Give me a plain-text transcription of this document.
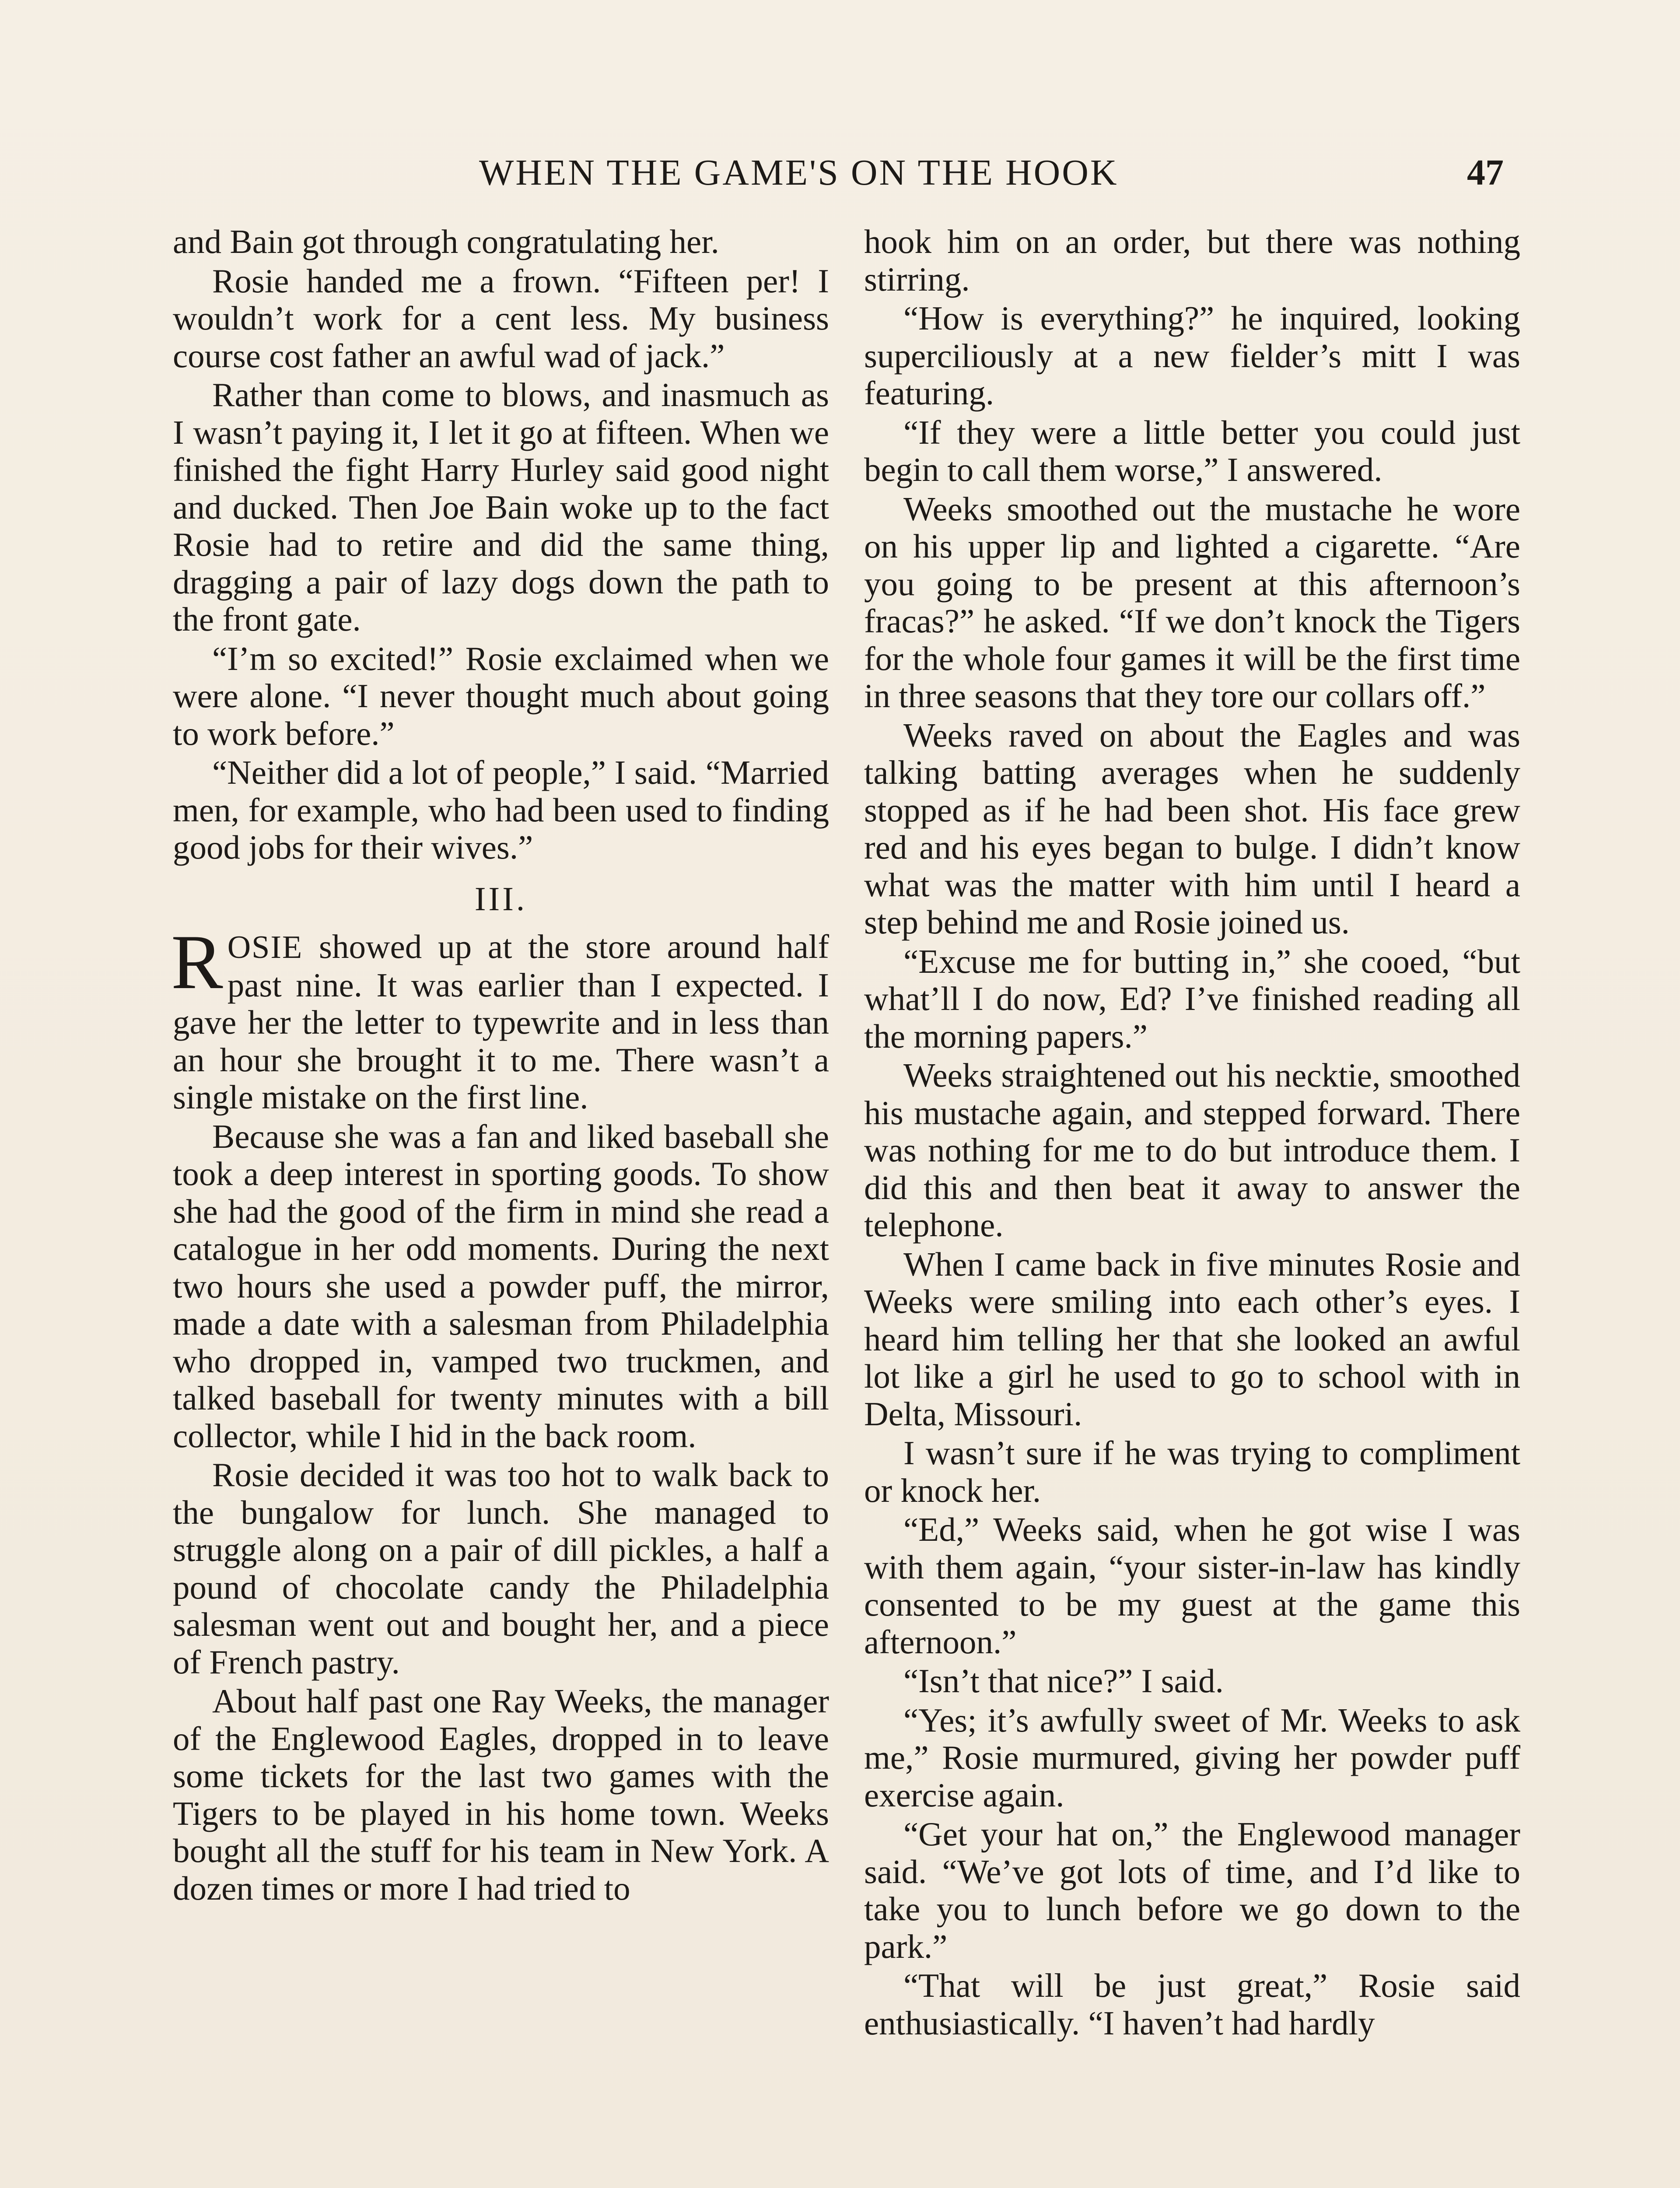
WHEN THE GAME'S ON THE HOOK	47

and Bain got through congratulating her.

Rosie handed me a frown. “Fifteen per! I wouldn’t work for a cent less. My business course cost father an awful wad of jack.”

Rather than come to blows, and inasmuch as I wasn’t paying it, I let it go at fifteen. When we finished the fight Harry Hurley said good night and ducked. Then Joe Bain woke up to the fact Rosie had to retire and did the same thing, dragging a pair of lazy dogs down the path to the front gate.

“I’m so excited!” Rosie exclaimed when we were alone. “I never thought much about going to work before.”

“Neither did a lot of people,” I said. “Married men, for example, who had been used to finding good jobs for their wives.”

III.

ROSIE showed up at the store around half past nine. It was earlier than I expected. I gave her the letter to typewrite and in less than an hour she brought it to me. There wasn’t a single mistake on the first line.

Because she was a fan and liked baseball she took a deep interest in sporting goods. To show she had the good of the firm in mind she read a catalogue in her odd moments. During the next two hours she used a powder puff, the mirror, made a date with a salesman from Philadelphia who dropped in, vamped two truckmen, and talked baseball for twenty minutes with a bill collector, while I hid in the back room.

Rosie decided it was too hot to walk back to the bungalow for lunch. She managed to struggle along on a pair of dill pickles, a half a pound of chocolate candy the Philadelphia salesman went out and bought her, and a piece of French pastry.

About half past one Ray Weeks, the manager of the Englewood Eagles, dropped in to leave some tickets for the last two games with the Tigers to be played in his home town. Weeks bought all the stuff for his team in New York. A dozen times or more I had tried to

hook him on an order, but there was nothing stirring.

“How is everything?” he inquired, looking superciliously at a new fielder’s mitt I was featuring.

“If they were a little better you could just begin to call them worse,” I answered.

Weeks smoothed out the mustache he wore on his upper lip and lighted a cigarette. “Are you going to be present at this afternoon’s fracas?” he asked. “If we don’t knock the Tigers for the whole four games it will be the first time in three seasons that they tore our collars off.”

Weeks raved on about the Eagles and was talking batting averages when he suddenly stopped as if he had been shot. His face grew red and his eyes began to bulge. I didn’t know what was the matter with him until I heard a step behind me and Rosie joined us.

“Excuse me for butting in,” she cooed, “but what’ll I do now, Ed? I’ve finished reading all the morning papers.”

Weeks straightened out his necktie, smoothed his mustache again, and stepped forward. There was nothing for me to do but introduce them. I did this and then beat it away to answer the telephone.

When I came back in five minutes Rosie and Weeks were smiling into each other’s eyes. I heard him telling her that she looked an awful lot like a girl he used to go to school with in Delta, Missouri.

I wasn’t sure if he was trying to compliment or knock her.

“Ed,” Weeks said, when he got wise I was with them again, “your sister-in-law has kindly consented to be my guest at the game this afternoon.”

“Isn’t that nice?” I said.

“Yes; it’s awfully sweet of Mr. Weeks to ask me,” Rosie murmured, giving her powder puff exercise again.

“Get your hat on,” the Englewood manager said. “We’ve got lots of time, and I’d like to take you to lunch before we go down to the park.”

“That will be just great,” Rosie said enthusiastically. “I haven’t had hardly
